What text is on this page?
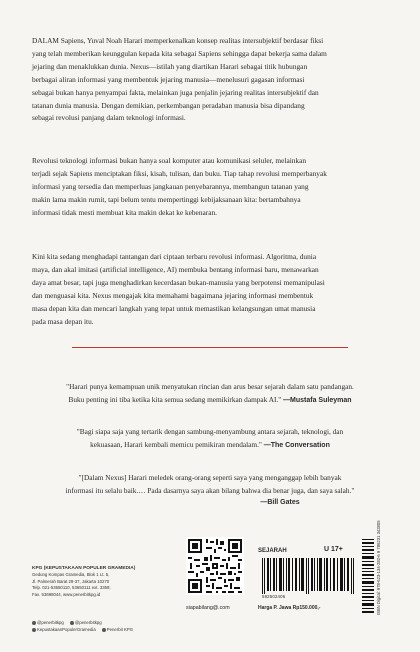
DALAM Sapiens, Yuval Noah Harari memperkenalkan konsep realitas intersubjektif berdasar fiksi
yang telah memberikan keunggulan kepada kita sebagai Sapiens sehingga dapat bekerja sama dalam
jejaring dan menaklukkan dunia. Nexus—istilah yang diartikan Harari sebagai titik hubungan
berbagai aliran informasi yang membentuk jejaring manusia—menelusuri gagasan informasi
sebagai bukan hanya penyampai fakta, melainkan juga penjalin jejaring realitas intersubjektif dan
tatanan dunia manusia. Dengan demikian, perkembangan peradaban manusia bisa dipandang
sebagai revolusi panjang dalam teknologi informasi.
Revolusi teknologi informasi bukan hanya soal komputer atau komunikasi seluler, melainkan
terjadi sejak Sapiens menciptakan fiksi, kisah, tulisan, dan buku. Tiap tahap revolusi memperbanyak
informasi yang tersedia dan memperluas jangkauan penyebarannya, membangun tatanan yang
makin lama makin rumit, tapi belum tentu mempertinggi kebijaksanaan kita: bertambahnya
informasi tidak mesti membuat kita makin dekat ke kebenaran.
Kini kita sedang menghadapi tantangan dari ciptaan terbaru revolusi informasi. Algoritma, dunia
maya, dan akal imitasi (artificial intelligence, AI) membuka bentang informasi baru, menawarkan
daya amat besar, tapi juga menghadirkan kecerdasan bukan-manusia yang berpotensi memanipulasi
dan menguasai kita. Nexus mengajak kita memahami bagaimana jejaring informasi membentuk
masa depan kita dan mencari langkah yang tepat untuk memastikan kelangsungan umat manusia
pada masa depan itu.
"Harari punya kemampuan unik menyatukan rincian dan arus besar sejarah dalam satu pandangan.
Buku penting ini tiba ketika kita semua sedang memikirkan dampak AI." —Mustafa Suleyman
"Bagi siapa saja yang tertarik dengan sambung-menyambung antara sejarah, teknologi, dan
kekuasaan, Harari kembali memicu pemikiran mendalam." —The Conversation
"[Dalam Nexus] Harari meledek orang-orang seperti saya yang menganggap lebih banyak
informasi itu selalu baik.… Pada dasarnya saya akan bilang bahwa dia benar juga, dan saya salah."
—Bill Gates
KPG (KEPUSTAKAAN POPULER GRAMEDIA)
Gedung Kompas Gramedia, Blok 1 Lt. 5,
Jl. Palmerah Barat 29-37, Jakarta 10270
Telp. 021-53650110, 53650111 ext. 3359;
Fax. 53698044, www.penerbitkpg.id
@penerbitkpg	@penerbitkpg
KepustakaanPopulerGramedia	Penerbit KPG
siapabilang@.com
SEJARAH	U 17+
592502406
Harga P. Jawa Rp150.000,-	ISBN Digital: 978-623-134-282-6 9 786231 342805
